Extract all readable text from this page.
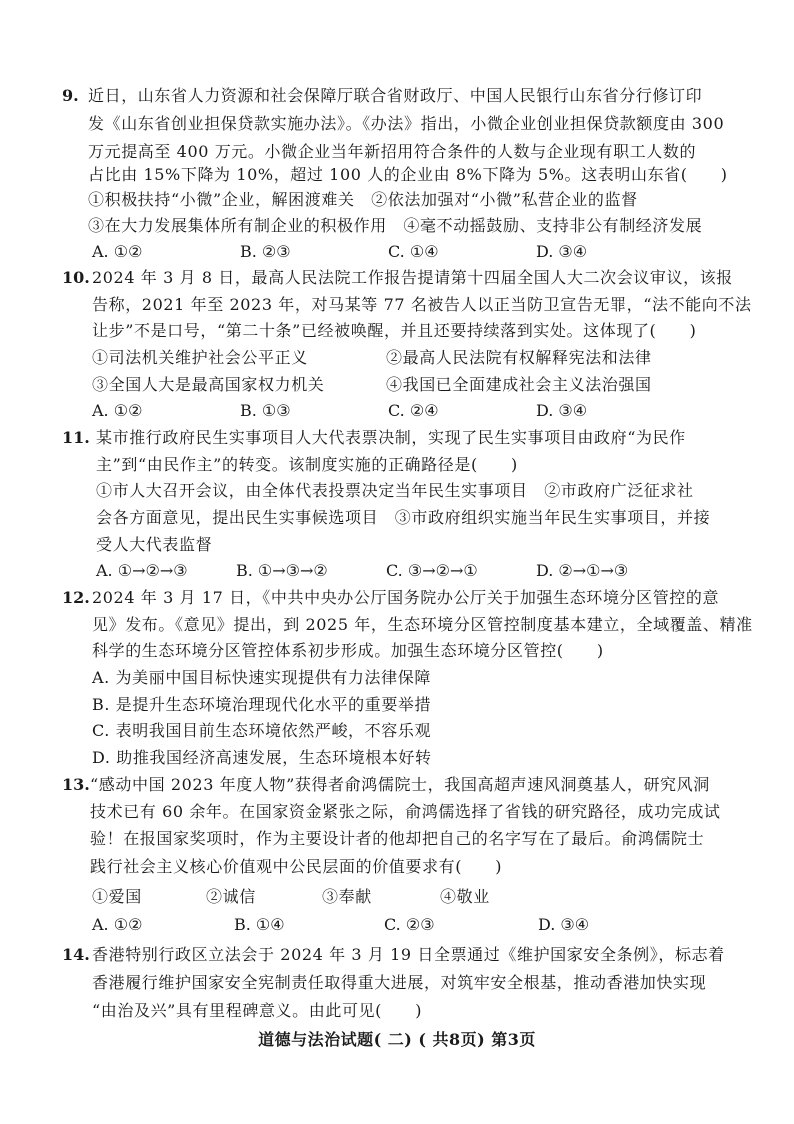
9. 近日，山东省人力资源和社会保障厅联合省财政厅、中国人民银行山东省分行修订印
发《山东省创业担保贷款实施办法》。《办法》指出，小微企业创业担保贷款额度由 300
万元提高至 400 万元。小微企业当年新招用符合条件的人数与企业现有职工人数的
占比由 15%下降为 10%，超过 100 人的企业由 8%下降为 5%。这表明山东省(　　)
①积极扶持“小微”企业，解困渡难关　②依法加强对“小微”私营企业的监督
③在大力发展集体所有制企业的积极作用　④毫不动摇鼓励、支持非公有制经济发展
A. ①②	B. ②③	C. ①④	D. ③④
10. 2024 年 3 月 8 日，最高人民法院工作报告提请第十四届全国人大二次会议审议，该报
告称，2021 年至 2023 年，对马某等 77 名被告人以正当防卫宣告无罪，“法不能向不法
让步”不是口号，“第二十条”已经被唤醒，并且还要持续落到实处。这体现了(　　)
①司法机关维护社会公平正义	②最高人民法院有权解释宪法和法律
③全国人大是最高国家权力机关	④我国已全面建成社会主义法治强国
A. ①②	B. ①③	C. ②④	D. ③④
11. 某市推行政府民生实事项目人大代表票决制，实现了民生实事项目由政府“为民作
主”到“由民作主”的转变。该制度实施的正确路径是(　　)
①市人大召开会议，由全体代表投票决定当年民生实事项目　②市政府广泛征求社
会各方面意见，提出民生实事候选项目　③市政府组织实施当年民生实事项目，并接
受人大代表监督
A. ①→②→③	B. ①→③→②	C. ③→②→①	D. ②→①→③
12. 2024 年 3 月 17 日，《中共中央办公厅国务院办公厅关于加强生态环境分区管控的意
见》发布。《意见》提出，到 2025 年，生态环境分区管控制度基本建立，全域覆盖、精准
科学的生态环境分区管控体系初步形成。加强生态环境分区管控(　　)
A. 为美丽中国目标快速实现提供有力法律保障
B. 是提升生态环境治理现代化水平的重要举措
C. 表明我国目前生态环境依然严峻，不容乐观
D. 助推我国经济高速发展，生态环境根本好转
13. “感动中国 2023 年度人物”获得者俞鸿儒院士，我国高超声速风洞奠基人，研究风洞
技术已有 60 余年。在国家资金紧张之际，俞鸿儒选择了省钱的研究路径，成功完成试
验！在报国家奖项时，作为主要设计者的他却把自己的名字写在了最后。俞鸿儒院士
践行社会主义核心价值观中公民层面的价值要求有(　　)
①爱国	②诚信	③奉献	④敬业
A. ①②	B. ①④	C. ②③	D. ③④
14. 香港特别行政区立法会于 2024 年 3 月 19 日全票通过《维护国家安全条例》，标志着
香港履行维护国家安全宪制责任取得重大进展，对筑牢安全根基，推动香港加快实现
“由治及兴”具有里程碑意义。由此可见(　　)
道德与法治试题( 二) ( 共8页) 第3页
